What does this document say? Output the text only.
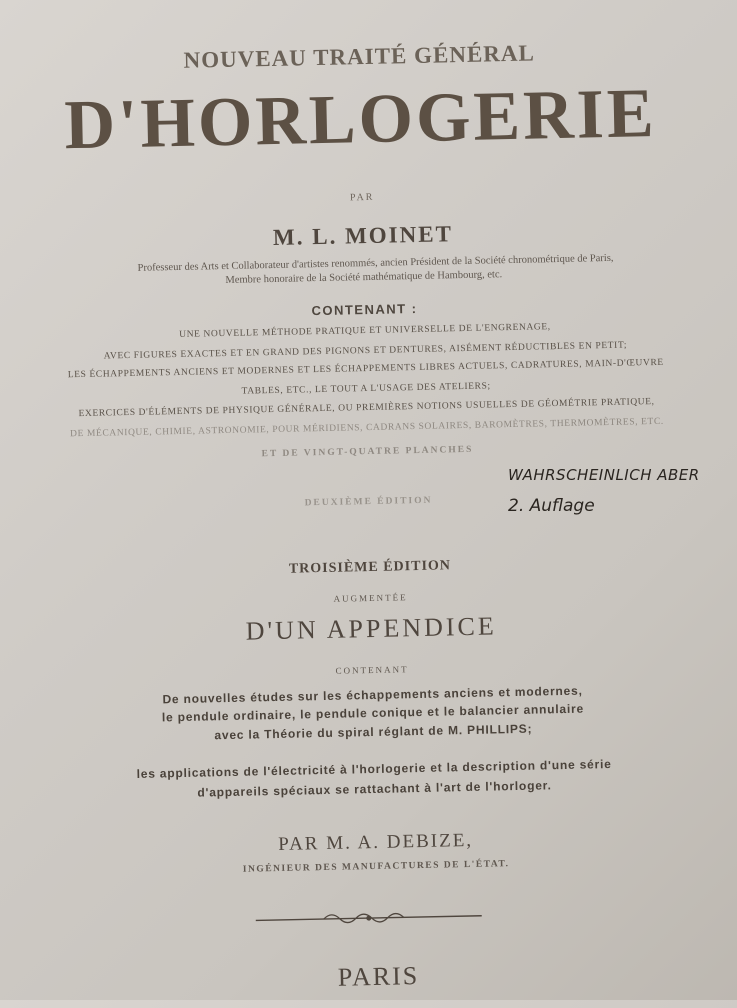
NOUVEAU TRAITÉ GÉNÉRAL
D'HORLOGERIE
PAR
M. L. MOINET
Professeur des Arts et Collaborateur d'artistes renommés, ancien Président de la Société chronométrique de Paris,
Membre honoraire de la Société mathématique de Hambourg, etc.
CONTENANT :
UNE NOUVELLE MÉTHODE PRATIQUE ET UNIVERSELLE DE L'ENGRENAGE,
AVEC FIGURES EXACTES ET EN GRAND DES PIGNONS ET DENTURES, AISÉMENT RÉDUCTIBLES EN PETIT;
LES ÉCHAPPEMENTS ANCIENS ET MODERNES ET LES ÉCHAPPEMENTS LIBRES ACTUELS, CADRATURES, MAIN-D'ŒUVRE
TABLES, ETC., LE TOUT A L'USAGE DES ATELIERS;
EXERCICES D'ÉLÉMENTS DE PHYSIQUE GÉNÉRALE, OU PREMIÈRES NOTIONS USUELLES DE GÉOMÉTRIE PRATIQUE,
DE MÉCANIQUE, CHIMIE, ASTRONOMIE, POUR MÉRIDIENS, CADRANS SOLAIRES, BAROMÈTRES, THERMOMÈTRES, ETC.
ET DE VINGT-QUATRE PLANCHES
DEUXIÈME ÉDITION
TROISIÈME ÉDITION
AUGMENTÉE
D'UN APPENDICE
CONTENANT
De nouvelles études sur les échappements anciens et modernes,
le pendule ordinaire, le pendule conique et le balancier annulaire
avec la Théorie du spiral réglant de M. PHILLIPS;
les applications de l'électricité à l'horlogerie et la description d'une série
d'appareils spéciaux se rattachant à l'art de l'horloger.
PAR M. A. DEBIZE,
INGÉNIEUR DES MANUFACTURES DE L'ÉTAT.
PARIS
WAHRSCHEINLICH ABER
2. Auflage
